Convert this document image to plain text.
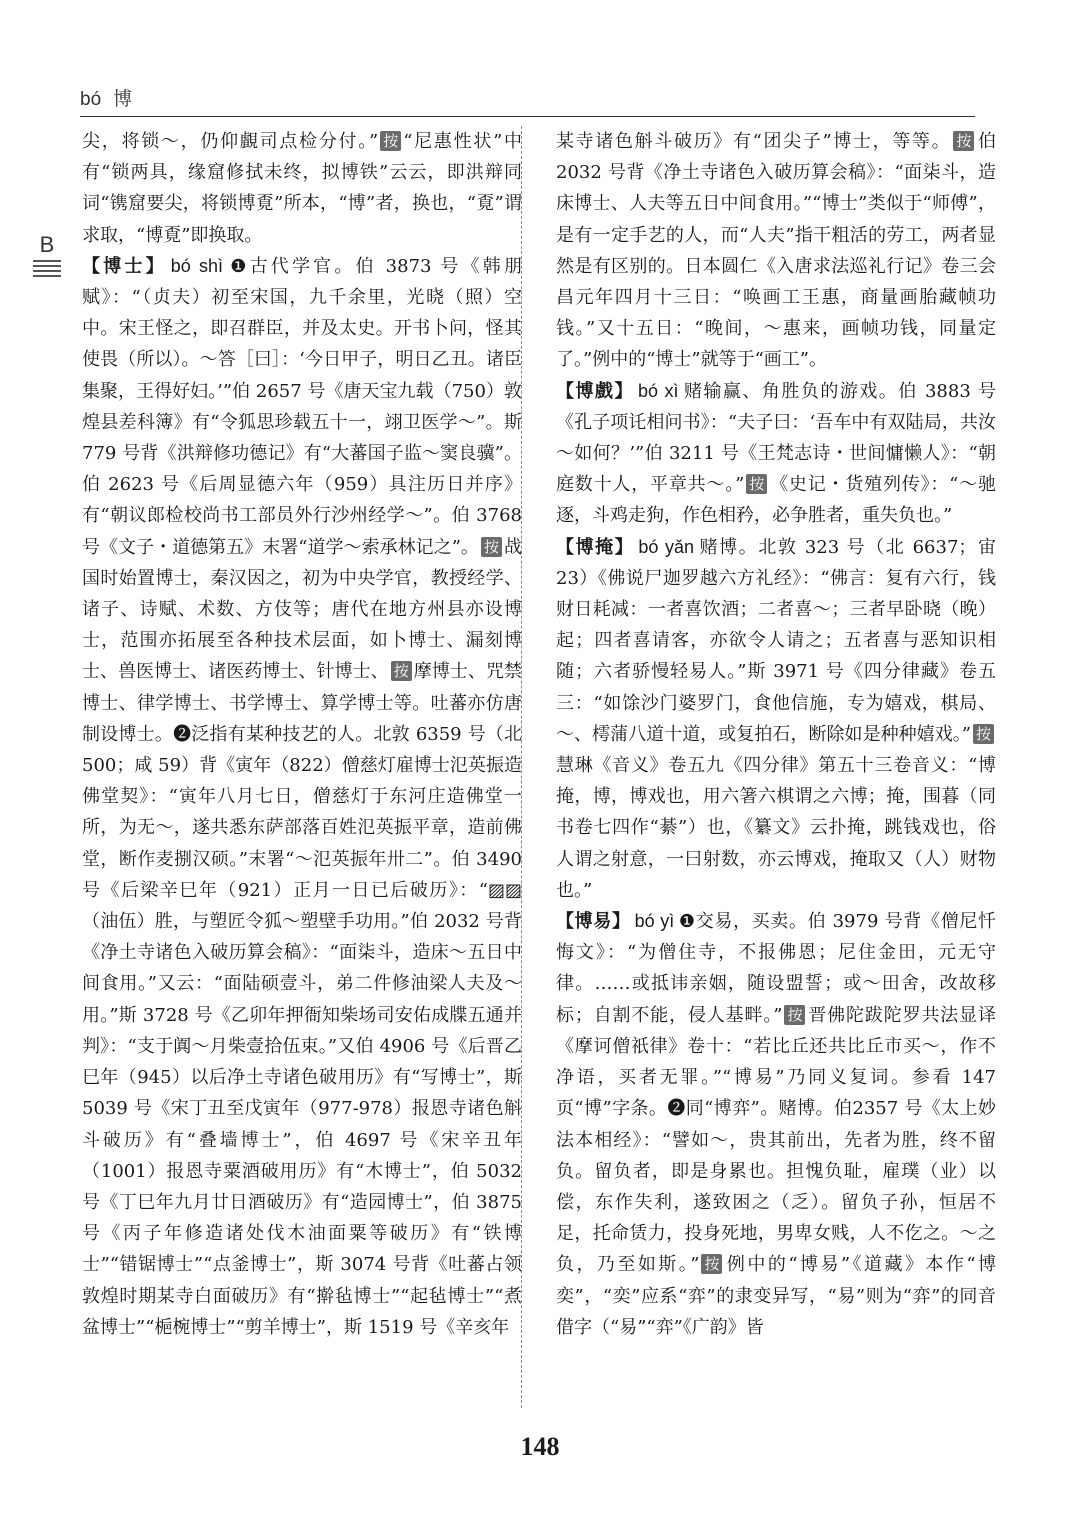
bó 博
B

尖，将锁～，仍仰覰司点检分付。” 按 “尼惠性状”中有“锁两具，缘窟修拭未终，拟博铁”云云，即洪辩同词“镌窟要尖，将锁博覔”所本，“博”者，换也，“覔”谓求取，“博覔”即换取。

【博士】 bó shì ❶古代学官。伯 3873 号《韩朋赋》：“（贞夫）初至宋国，九千余里，光晓（照）空中。宋王怪之，即召群臣，并及太史。开书卜问，怪其使畏（所以）。～答［曰］：‘今日甲子，明日乙丑。诸臣集聚，王得好妇。’”伯 2657 号《唐天宝九载（750）敦煌县差科簿》有“令狐思珍载五十一，翊卫医学～”。斯 779 号背《洪辩修功德记》有“大蕃国子监～窦良骥”。伯 2623 号《后周显德六年（959）具注历日并序》有“朝议郎检校尚书工部员外行沙州经学～”。伯 3768 号《文子・道德第五》末署“道学～索承林记之”。 按 战国时始置博士，秦汉因之，初为中央学官，教授经学、诸子、诗赋、术数、方伎等；唐代在地方州县亦设博士，范围亦拓展至各种技术层面，如卜博士、漏刻博士、兽医博士、诸医药博士、针博士、 按 摩博士、咒禁博士、律学博士、书学博士、算学博士等。吐蕃亦仿唐制设博士。❷泛指有某种技艺的人。北敦 6359 号（北500；咸 59）背《寅年（822）僧慈灯雇博士氾英振造佛堂契》：“寅年八月七日，僧慈灯于东河庄造佛堂一所，为无～，遂共悉东萨部落百姓氾英振平章，造前佛堂，断作麦捌汉硕。”末署“～氾英振年卅二”。伯 3490 号《后梁辛巳年（921）正月一日已后破历》：“▨▨（油伍）胜，与塑匠令狐～塑壁手功用。”伯 2032 号背《净土寺诸色入破历算会稿》：“面柒斗，造床～五日中间食用。”又云：“面陆硕壹斗，弟二件修油梁人夫及～用。”斯 3728 号《乙卯年押衙知柴场司安佑成牒五通并判》：“支于阗～月柴壹拾伍束。”又伯 4906 号《后晋乙巳年（945）以后净土寺诸色破用历》有“写博士”，斯 5039 号《宋丁丑至戊寅年（977-978）报恩寺诸色斛斗破历》有“叠墙博士”，伯 4697 号《宋辛丑年（1001）报恩寺粟酒破用历》有“木博士”，伯 5032 号《丁巳年九月廿日酒破历》有“造园博士”，伯 3875 号《丙子年修造诸处伐木油面粟等破历》有“铁博士”“错锯博士”“点釜博士”，斯 3074 号背《吐蕃占领敦煌时期某寺白面破历》有“擀毡博士”“起毡博士”“煮盆博士”“梔椀博士”“剪羊博士”，斯 1519 号《辛亥年

某寺诸色斛斗破历》有“团尖子”博士，等等。 按 伯 2032 号背《净土寺诸色入破历算会稿》：“面柒斗，造床博士、人夫等五日中间食用。”“博士”类似于“师傅”，是有一定手艺的人，而“人夫”指干粗活的劳工，两者显然是有区别的。日本圆仁《入唐求法巡礼行记》卷三会昌元年四月十三日：“唤画工王惠，商量画胎藏帧功钱。”又十五日：“晚间，～惠来，画帧功钱，同量定了。”例中的“博士”就等于“画工”。

【博戲】 bó xì 赌输赢、角胜负的游戏。伯 3883 号《孔子项讬相问书》：“夫子曰：‘吾车中有双陆局，共汝～如何？’”伯 3211 号《王梵志诗・世间慵懒人》：“朝庭数十人，平章共～。” 按 《史记・货殖列传》：“～驰逐，斗鸡走狗，作色相矜，必争胜者，重失负也。”

【博掩】 bó yǎn 赌博。北敦 323 号（北 6637；宙23）《佛说尸迦罗越六方礼经》：“佛言：复有六行，钱财日耗减：一者喜饮酒；二者喜～；三者早卧晓（晚）起；四者喜请客，亦欲令人请之；五者喜与恶知识相随；六者骄慢轻易人。”斯 3971 号《四分律藏》卷五三：“如馀沙门婆罗门，食他信施，专为嬉戏，棋局、～、樗蒲八道十道，或复拍石，断除如是种种嬉戏。” 按慧琳《音义》卷五九《四分律》第五十三卷音义：“博掩，博，博戏也，用六箸六棋谓之六博；掩，围暮（同书卷七四作“綦”）也，《纂文》云扑掩，跳钱戏也，俗人谓之射意，一曰射数，亦云博戏，掩取又（人）财物也。”

【博易】 bó yì ❶交易，买卖。伯 3979 号背《僧尼忏悔文》：“为僧住寺，不报佛恩；尼住金田，元无守律。……或抵讳亲姻，随设盟誓；或～田舍，改故移标；自割不能，侵人基畔。” 按 晋佛陀跋陀罗共法显译《摩诃僧祇律》卷十：“若比丘还共比丘市买～，作不净语，买者无罪。”“博易”乃同义复词。参看 147 页“博”字条。❷同“博弈”。赌博。伯2357 号《太上妙法本相经》：“譬如～，贵其前出，先者为胜，终不留负。留负者，即是身累也。担愧负耻，雇璞（业）以偿，东作失利，遂致困之（乏）。留负子孙，恒居不足，托命赁力，投身死地，男卑女贱，人不仡之。～之负，乃至如斯。” 按 例中的“博易”《道藏》本作“博奕”，“奕”应系“弈”的隶变异写，“易”则为“弈”的同音借字（“易”“弈”《广韵》皆

148
